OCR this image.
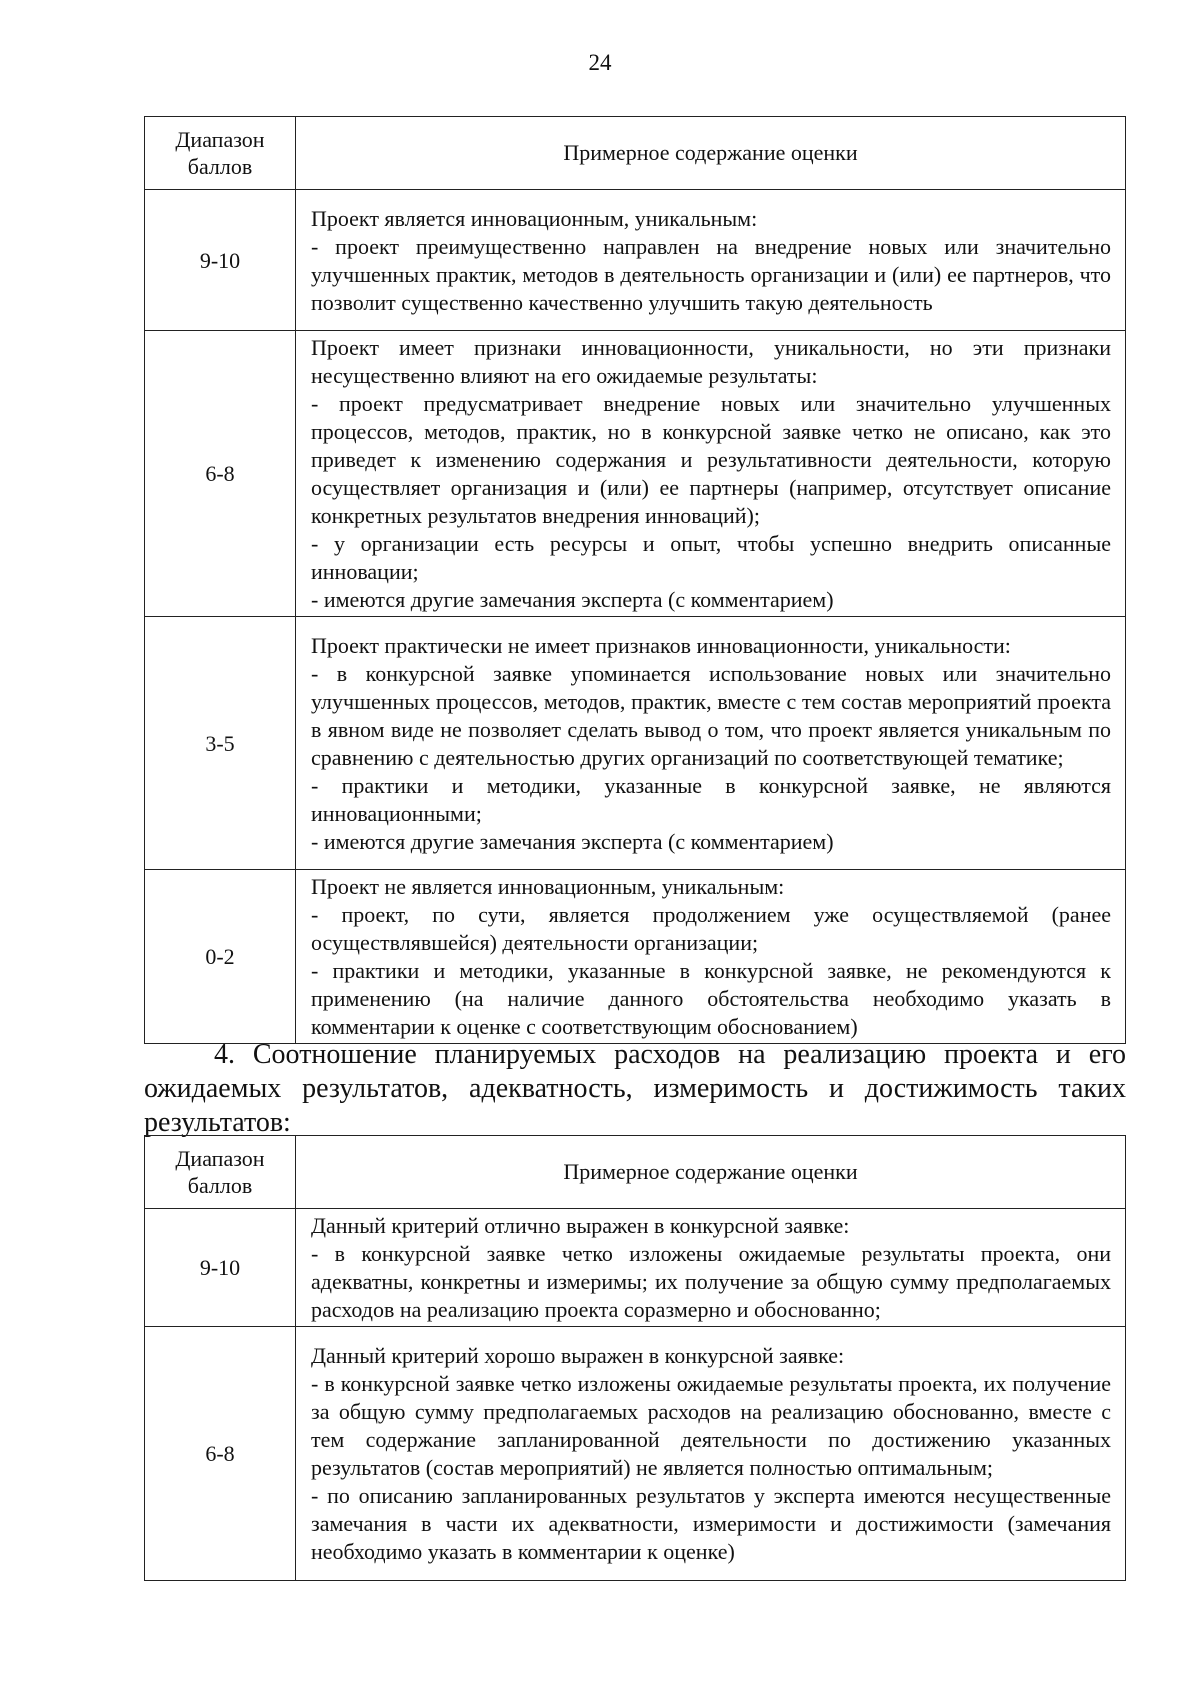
24
Диапазон
баллов	Примерное содержание оценки
9-10	Проект является инновационным, уникальным:
- проект преимущественно направлен на внедрение новых или значительно улучшенных практик, методов в деятельность организации и (или) ее партнеров, что позволит существенно качественно улучшить такую деятельность

6-8	Проект имеет признаки инновационности, уникальности, но эти признаки несущественно влияют на его ожидаемые результаты:
- проект предусматривает внедрение новых или значительно улучшенных процессов, методов, практик, но в конкурсной заявке четко не описано, как это приведет к изменению содержания и результативности деятельности, которую осуществляет организация и (или) ее партнеры (например, отсутствует описание конкретных результатов внедрения инноваций);
- у организации есть ресурсы и опыт, чтобы успешно внедрить описанные инновации;
- имеются другие замечания эксперта (с комментарием)

3-5	Проект практически не имеет признаков инновационности, уникальности:
- в конкурсной заявке упоминается использование новых или значительно улучшенных процессов, методов, практик, вместе с тем состав мероприятий проекта в явном виде не позволяет сделать вывод о том, что проект является уникальным по сравнению с деятельностью других организаций по соответствующей тематике;
- практики и методики, указанные в конкурсной заявке, не являются инновационными;
- имеются другие замечания эксперта (с комментарием)

0-2	Проект не является инновационным, уникальным:
- проект, по сути, является продолжением уже осуществляемой (ранее осуществлявшейся) деятельности организации;
- практики и методики, указанные в конкурсной заявке, не рекомендуются к применению (на наличие данного обстоятельства необходимо указать в комментарии к оценке с соответствующим обоснованием)
4. Соотношение планируемых расходов на реализацию проекта и его ожидаемых результатов, адекватность, измеримость и достижимость таких результатов:
Диапазон
баллов	Примерное содержание оценки
9-10	Данный критерий отлично выражен в конкурсной заявке:
- в конкурсной заявке четко изложены ожидаемые результаты проекта, они адекватны, конкретны и измеримы; их получение за общую сумму предполагаемых расходов на реализацию проекта соразмерно и обоснованно;

6-8	Данный критерий хорошо выражен в конкурсной заявке:
- в конкурсной заявке четко изложены ожидаемые результаты проекта, их получение за общую сумму предполагаемых расходов на реализацию обоснованно, вместе с тем содержание запланированной деятельности по достижению указанных результатов (состав мероприятий) не является полностью оптимальным;
- по описанию запланированных результатов у эксперта имеются несущественные замечания в части их адекватности, измеримости и достижимости (замечания необходимо указать в комментарии к оценке)
